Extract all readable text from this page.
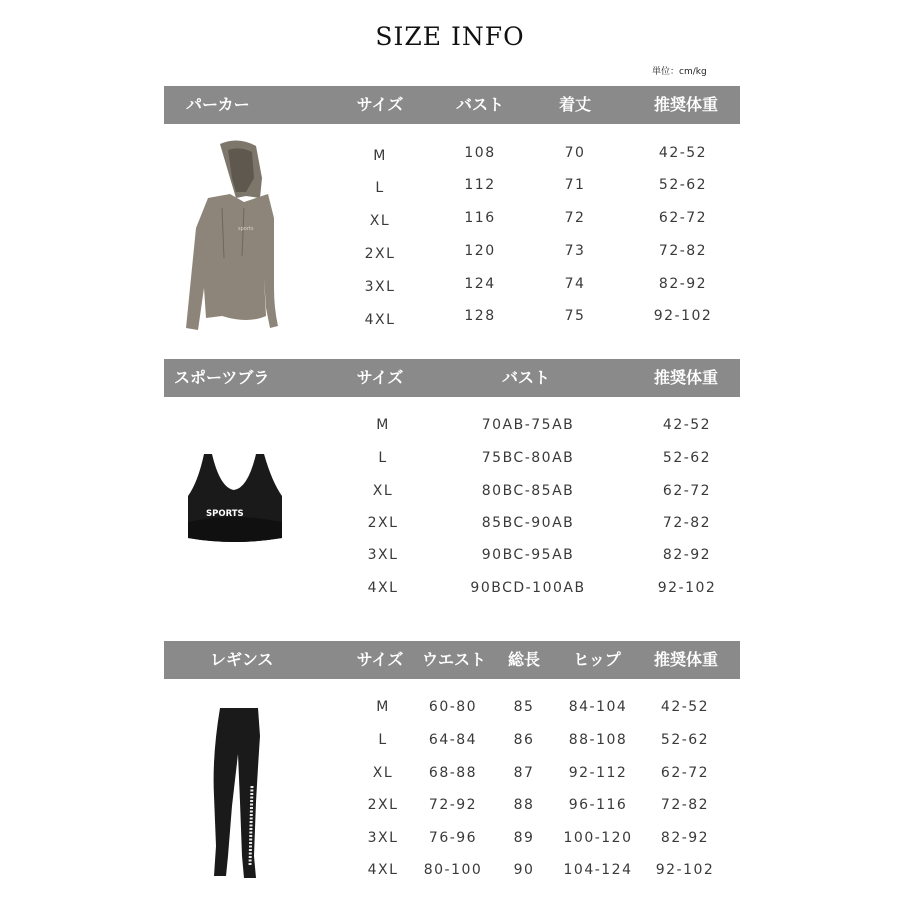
SIZE INFO
単位：cm/kg
パーカー	サイズ	バスト	着丈	推奨体重
sports
M	108	70	42-52
L	112	71	52-62
XL	116	72	62-72
2XL	120	73	72-82
3XL	124	74	82-92
4XL	128	75	92-102
スポーツブラ	サイズ	バスト	推奨体重
SPORTS
M	70AB-75AB	42-52
L	75BC-80AB	52-62
XL	80BC-85AB	62-72
2XL	85BC-90AB	72-82
3XL	90BC-95AB	82-92
4XL	90BCD-100AB	92-102
レギンス	サイズ	ウエスト	総長	ヒップ	推奨体重
M	60-80	85	84-104	42-52
L	64-84	86	88-108	52-62
XL	68-88	87	92-112	62-72
2XL	72-92	88	96-116	72-82
3XL	76-96	89	100-120	82-92
4XL	80-100	90	104-124	92-102
